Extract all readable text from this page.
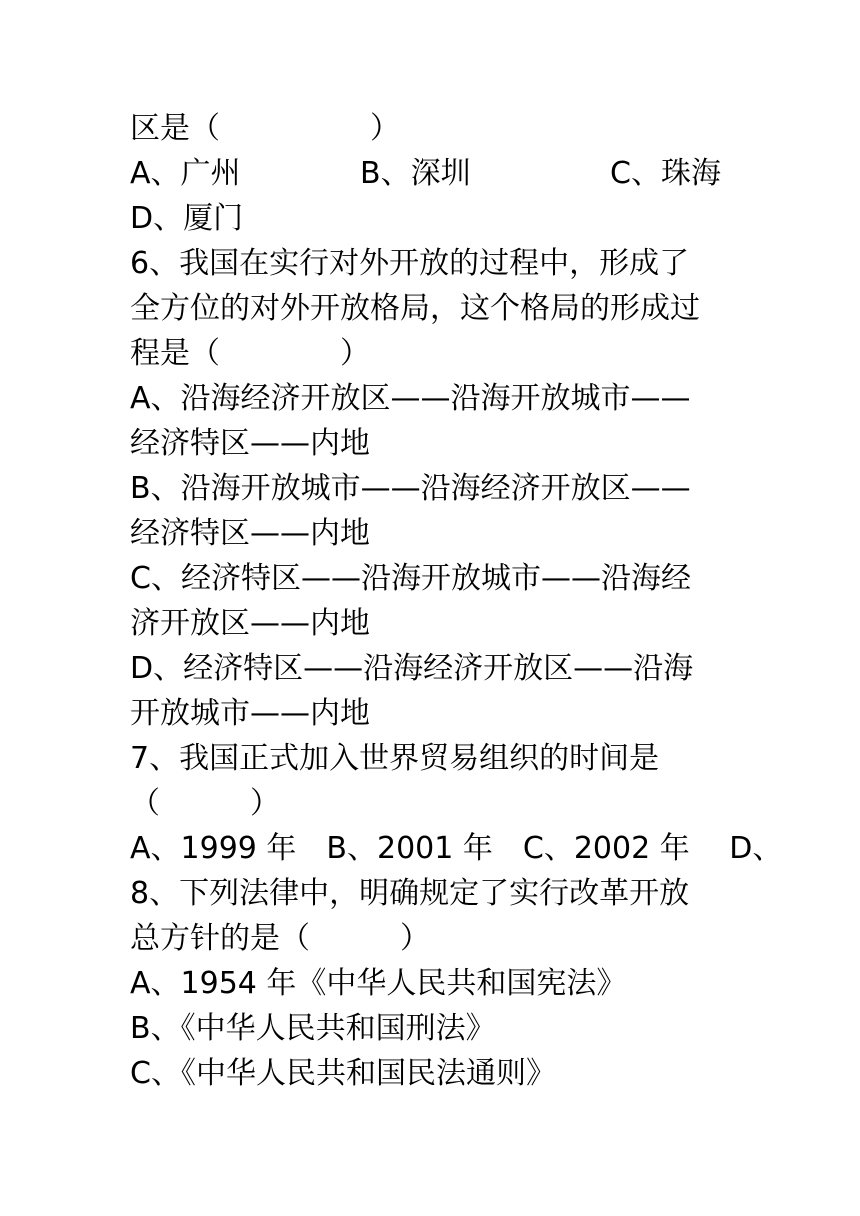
区是（　　　　　）
A、广州	B、深圳	C、珠海
D、厦门
6、我国在实行对外开放的过程中，形成了
全方位的对外开放格局，这个格局的形成过
程是（　　　　）
A、沿海经济开放区——沿海开放城市——
经济特区——内地
B、沿海开放城市——沿海经济开放区——
经济特区——内地
C、经济特区——沿海开放城市——沿海经
济开放区——内地
D、经济特区——沿海经济开放区——沿海
开放城市——内地
7、我国正式加入世界贸易组织的时间是
（　　　）
A、1999 年　B、2001 年　C、2002 年　 D、
8、下列法律中，明确规定了实行改革开放
总方针的是（　　　）
A、1954 年《中华人民共和国宪法》
B、《中华人民共和国刑法》
C、《中华人民共和国民法通则》
